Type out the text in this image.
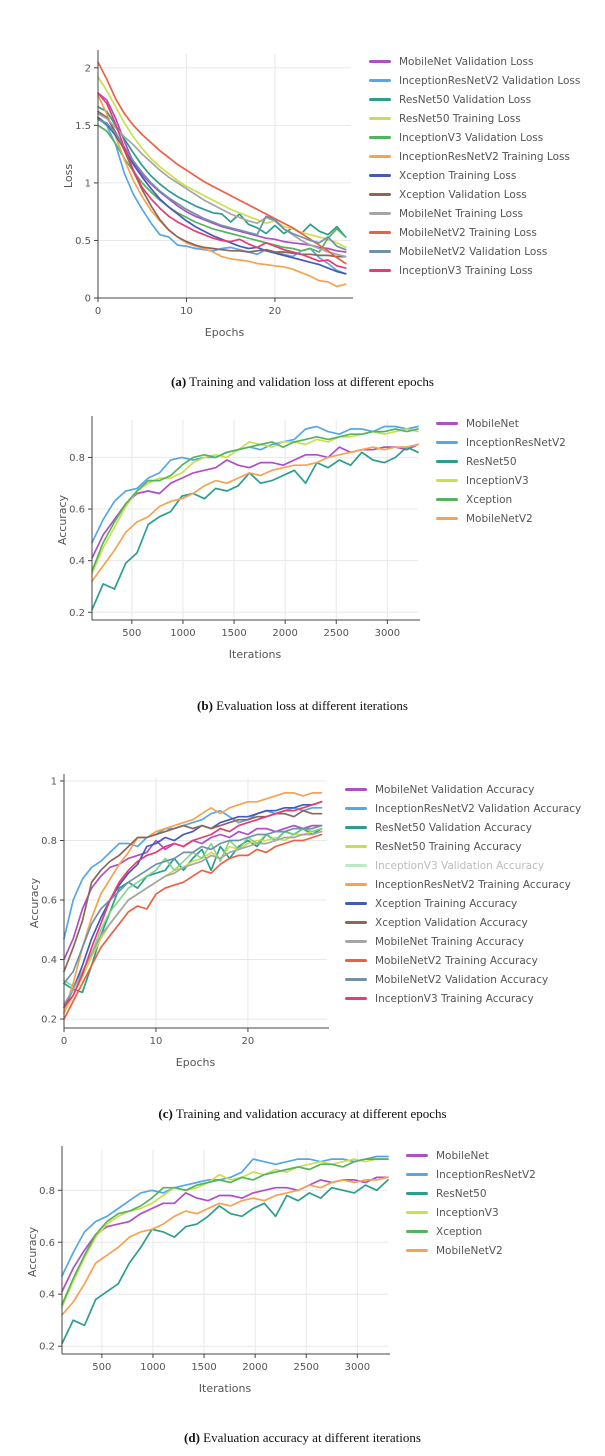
0
0.5
1
1.5
2
0	10	20
Epochs
Loss
MobileNet Validation Loss
InceptionResNetV2 Validation Loss
ResNet50 Validation Loss
ResNet50 Training Loss
InceptionV3 Validation Loss
InceptionResNetV2 Training Loss
Xception Training Loss
Xception Validation Loss
MobileNet Training Loss
MobileNetV2 Training Loss
MobileNetV2 Validation Loss
InceptionV3 Training Loss
(a) Training and validation loss at different epochs
0.2
0.4
0.6
0.8
500	1000	1500	2000	2500	3000
Iterations
Accuracy
MobileNet
InceptionResNetV2
ResNet50
InceptionV3
Xception
MobileNetV2
(b) Evaluation loss at different iterations
0.2
0.4
0.6
0.8
1
0	10	20
Epochs
Accuracy
MobileNet Validation Accuracy
InceptionResNetV2 Validation Accuracy
ResNet50 Validation Accuracy
ResNet50 Training Accuracy
InceptionV3 Validation Accuracy
InceptionResNetV2 Training Accuracy
Xception Training Accuracy
Xception Validation Accuracy
MobileNet Training Accuracy
MobileNetV2 Training Accuracy
MobileNetV2 Validation Accuracy
InceptionV3 Training Accuracy
(c) Training and validation accuracy at different epochs
0.2
0.4
0.6
0.8
500	1000	1500	2000	2500	3000
Iterations
Accuracy
MobileNet
InceptionResNetV2
ResNet50
InceptionV3
Xception
MobileNetV2
(d) Evaluation accuracy at different iterations
